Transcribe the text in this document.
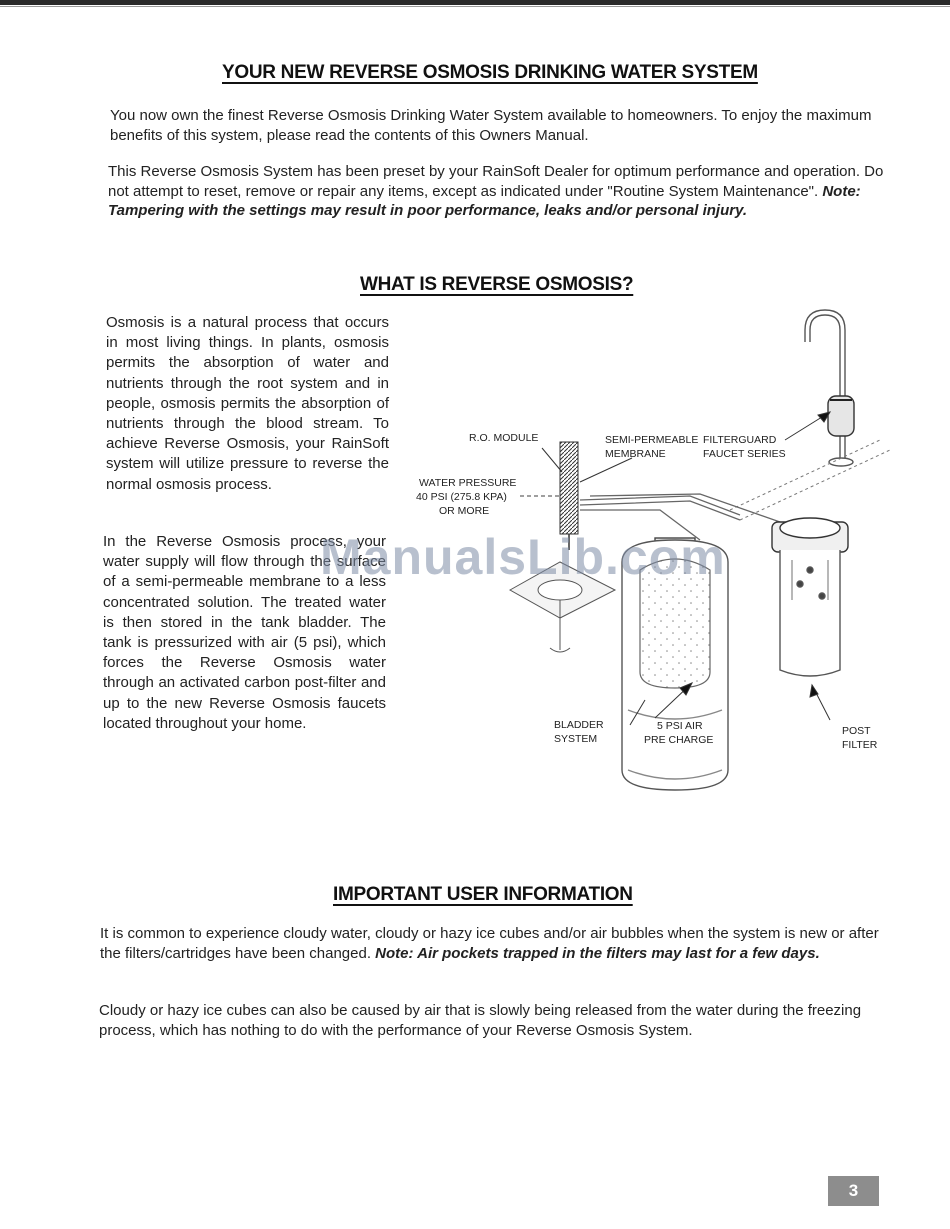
YOUR NEW REVERSE OSMOSIS DRINKING WATER SYSTEM

You now own the finest Reverse Osmosis Drinking Water System available to homeowners. To enjoy the maximum benefits of this system, please read the contents of this Owners Manual.

This Reverse Osmosis System has been preset by your RainSoft Dealer for optimum performance and operation. Do not attempt to reset, remove or repair any items, except as indicated under "Routine System Maintenance". Note: Tampering with the settings may result in poor performance, leaks and/or personal injury.

WHAT IS REVERSE OSMOSIS?

Osmosis is a natural process that occurs in most living things. In plants, osmosis permits the absorption of water and nutrients through the root system and in people, osmosis permits the absorption of nutrients through the blood stream. To achieve Reverse Osmosis, your RainSoft system will utilize pressure to reverse the normal osmosis process.

In the Reverse Osmosis process, your water supply will flow through the surface of a semi-permeable membrane to a less concentrated solution. The treated water is then stored in the tank bladder. The tank is pressurized with air (5 psi), which forces the Reverse Osmosis water through an activated carbon post-filter and up to the new Reverse Osmosis faucets located throughout your home.

R.O. MODULE	SEMI-PERMEABLE
MEMBRANE
FILTERGUARD
FAUCET SERIES
WATER PRESSURE
40 PSI (275.8 KPA)
OR MORE
BLADDER
SYSTEM
5 PSI AIR
PRE CHARGE
POST
FILTER
IMPORTANT USER INFORMATION

It is common to experience cloudy water, cloudy or hazy ice cubes and/or air bubbles when the system is new or after the filters/cartridges have been changed. Note: Air pockets trapped in the filters may last for a few days.

Cloudy or hazy ice cubes can also be caused by air that is slowly being released from the water during the freezing process, which has nothing to do with the performance of your Reverse Osmosis System.

ManualsLib.com
3
